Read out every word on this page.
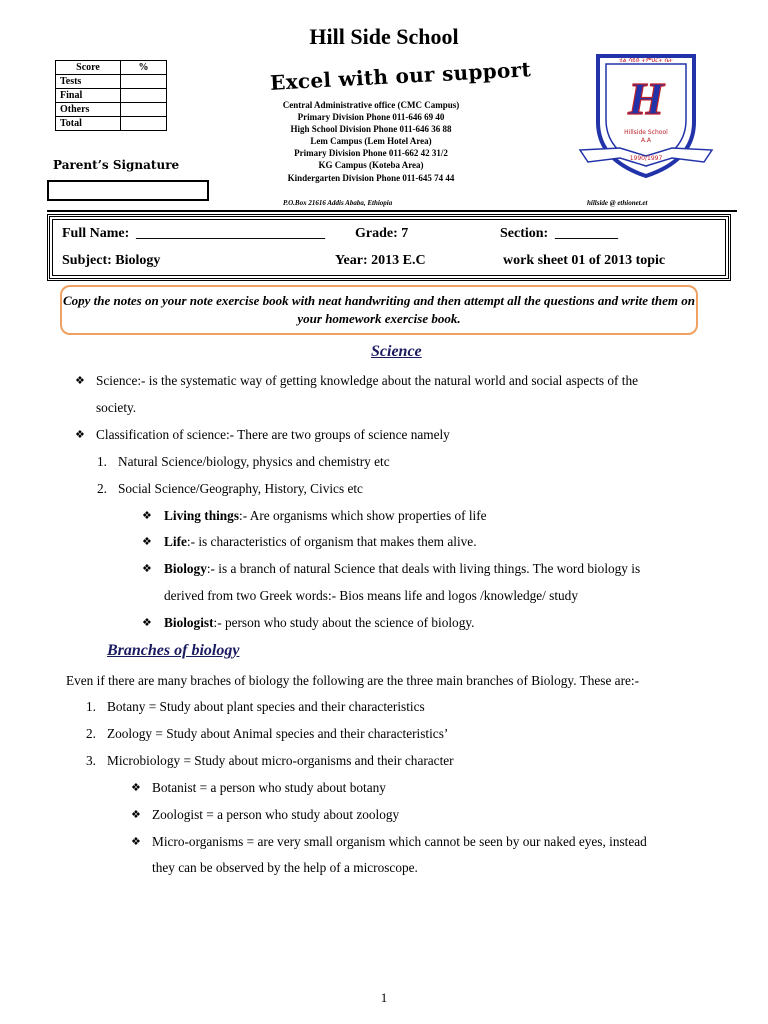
Hill Side School
Excel with our support
Central Administrative office (CMC Campus)
Primary Division Phone 011-646 69 40
High School Division Phone 011-646 36 88
Lem Campus (Lem Hotel Area)
Primary Division Phone 011-662 42 31/2
KG Campus (Koteba Area)
Kindergarten Division Phone 011-645 74 44
Score	%
Tests	
Final	
Others	
Total	
Parent’s Signature
ሂል ሳይድ ትምህርት ቤት
H
Hillside School
A.A
1990/1997
P.O.Box 21616 Addis Ababa, Ethiopia	hillside @ ethionet.et
Full Name: ___________________________ Grade: 7	Section: _________
Subject: Biology	Year: 2013 E.C	work sheet 01 of 2013 topic
Copy the notes on your note exercise book with neat handwriting and then attempt all the questions and write them on your homework exercise book.
Science
❖ Science:- is the systematic way of getting knowledge about the natural world and social aspects of the
society.
❖ Classification of science:- There are two groups of science namely
1. Natural Science/biology, physics and chemistry etc
2. Social Science/Geography, History, Civics etc
❖ Living things:- Are organisms which show properties of life
❖ Life:- is characteristics of organism that makes them alive.
❖ Biology:- is a branch of natural Science that deals with living things. The word biology is
derived from two Greek words:- Bios means life and logos /knowledge/ study
❖ Biologist:- person who study about the science of biology.
Branches of biology
Even if there are many braches of biology the following are the three main branches of Biology. These are:-
1. Botany = Study about plant species and their characteristics
2. Zoology = Study about Animal species and their characteristics’
3. Microbiology = Study about micro-organisms and their character
❖ Botanist = a person who study about botany
❖ Zoologist = a person who study about zoology
❖ Micro-organisms = are very small organism which cannot be seen by our naked eyes, instead
they can be observed by the help of a microscope.
1
